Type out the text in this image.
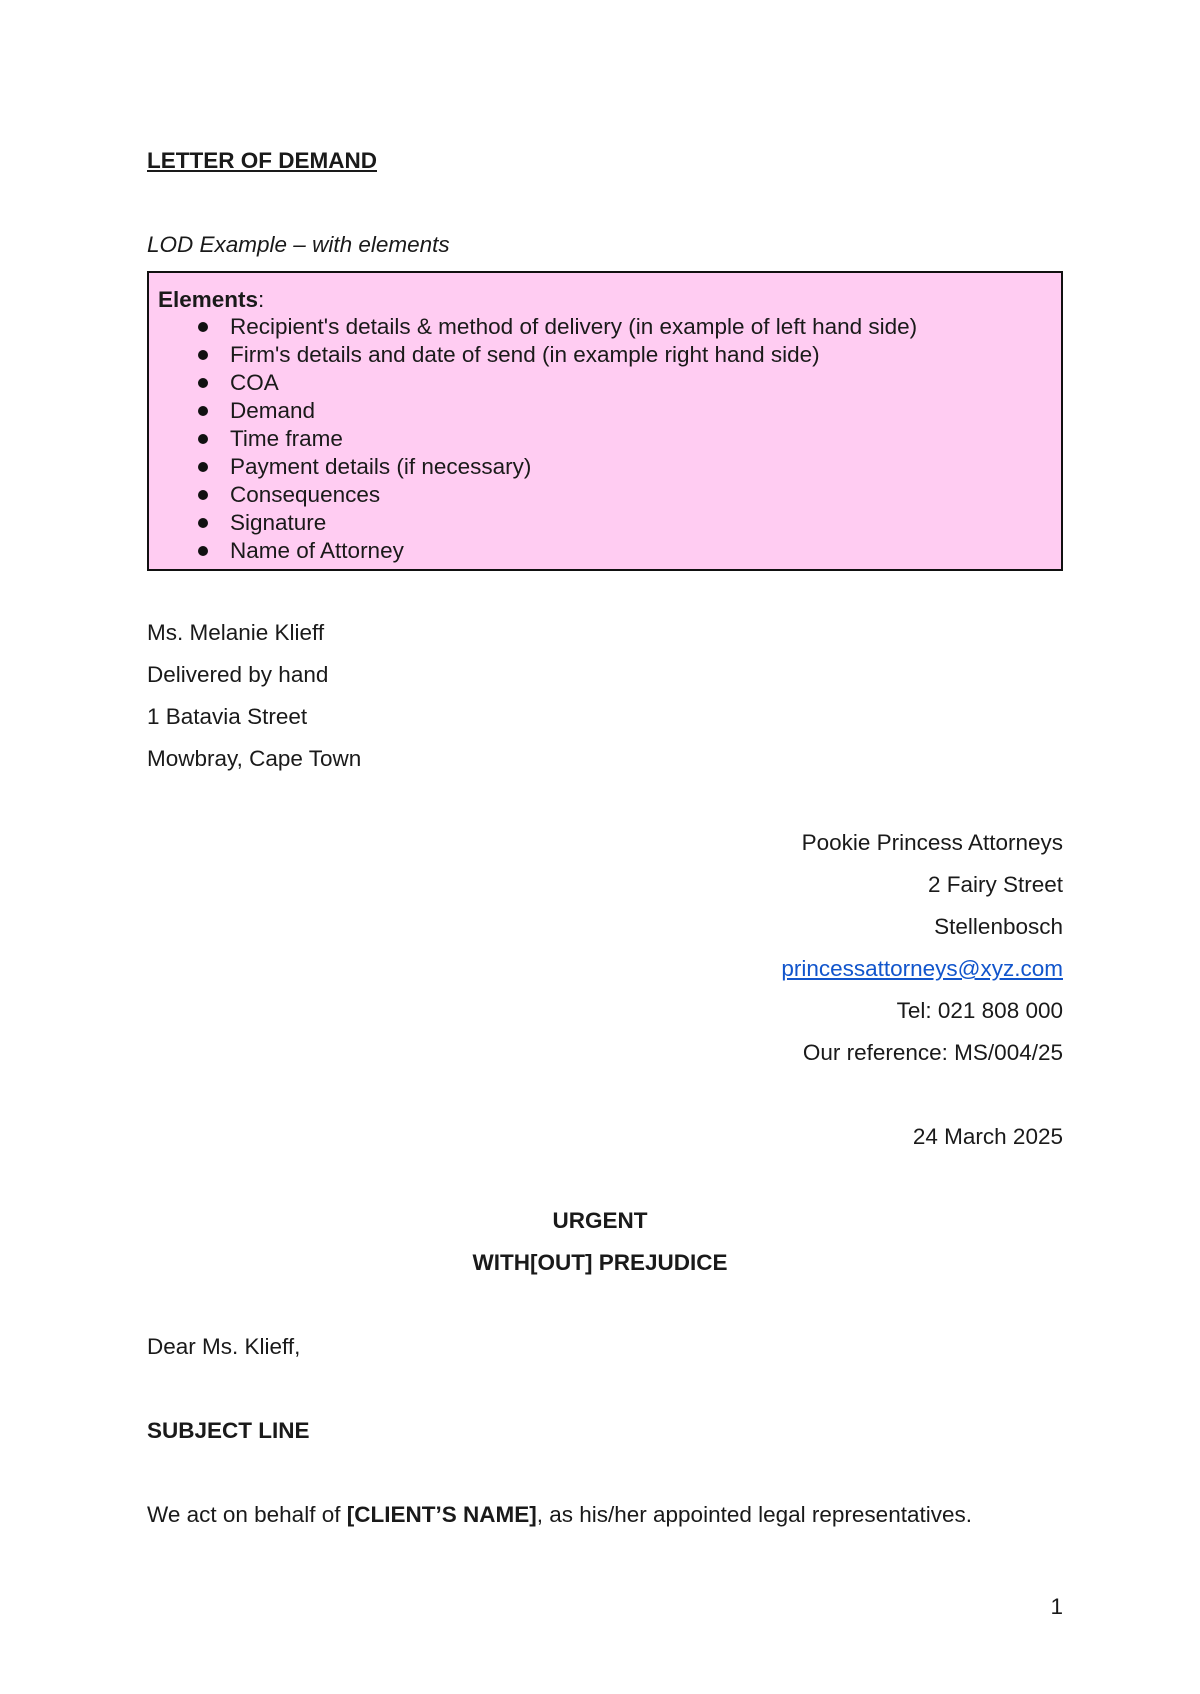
LETTER OF DEMAND
LOD Example – with elements
Elements:
Recipient's details & method of delivery (in example of left hand side)
Firm's details and date of send (in example right hand side)
COA
Demand
Time frame
Payment details (if necessary)
Consequences
Signature
Name of Attorney
Ms. Melanie Klieff
Delivered by hand
1 Batavia Street
Mowbray, Cape Town
Pookie Princess Attorneys
2 Fairy Street
Stellenbosch
princessattorneys@xyz.com
Tel: 021 808 000
Our reference: MS/004/25
24 March 2025
URGENT
WITH[OUT] PREJUDICE
Dear Ms. Klieff,
SUBJECT LINE
We act on behalf of [CLIENT’S NAME], as his/her appointed legal representatives.
1
